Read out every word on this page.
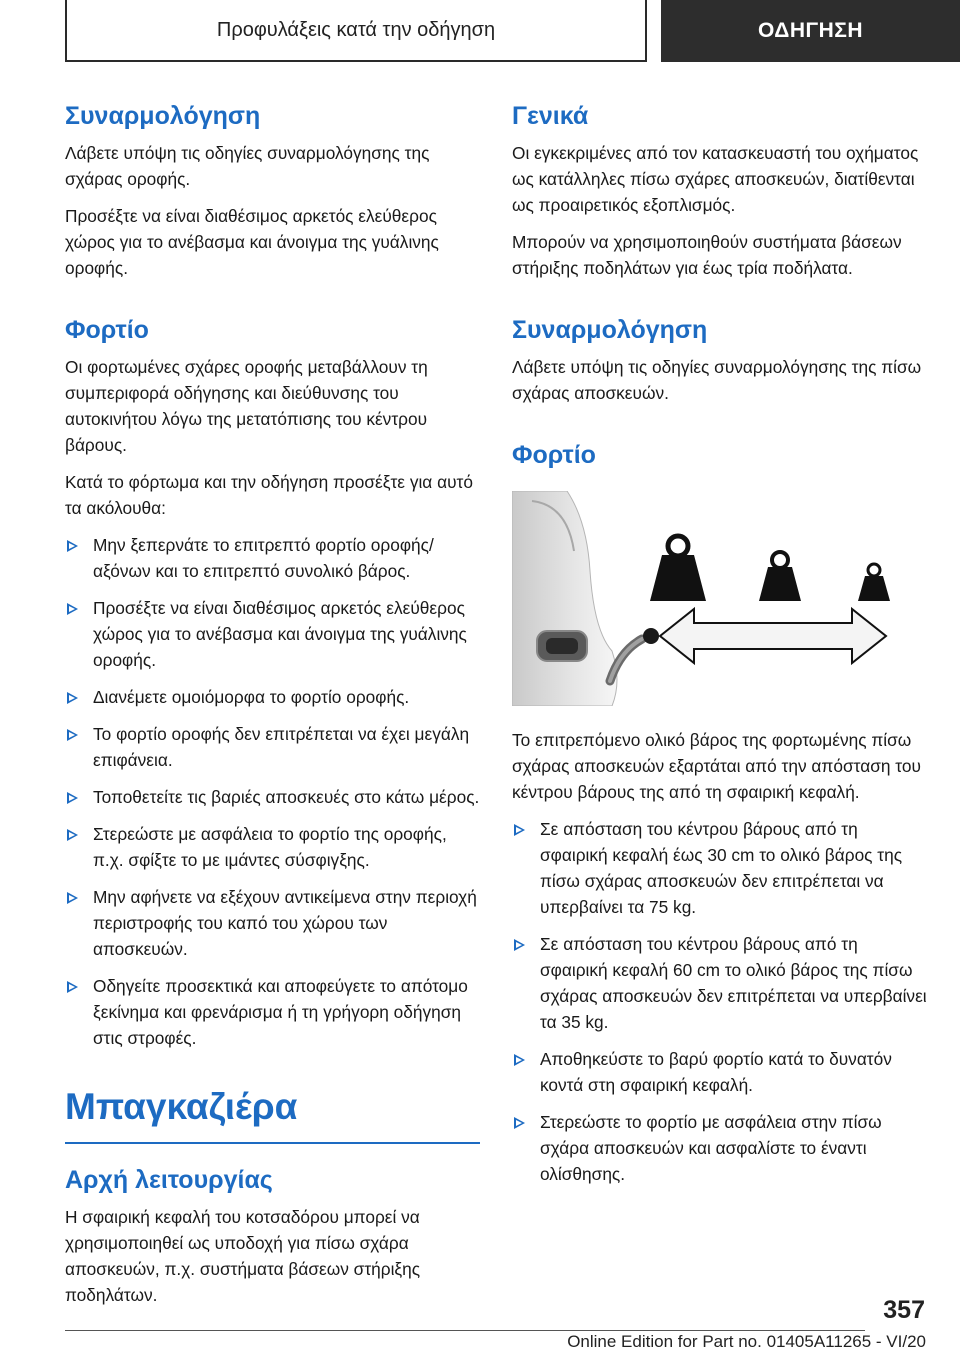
Προφυλάξεις κατά την οδήγηση	ΟΔΗΓΗΣΗ
Συναρμολόγηση

Λάβετε υπόψη τις οδηγίες συναρμολόγησης της σχάρας οροφής.

Προσέξτε να είναι διαθέσιμος αρκετός ελεύθερος χώρος για το ανέβασμα και άνοιγμα της γυάλινης οροφής.

Φορτίο

Οι φορτωμένες σχάρες οροφής μεταβάλλουν τη συμπεριφορά οδήγησης και διεύθυνσης του αυτοκινήτου λόγω της μετατόπισης του κέντρου βάρους.

Κατά το φόρτωμα και την οδήγηση προσέξτε για αυτό τα ακόλουθα:

Μην ξεπερνάτε το επιτρεπτό φορτίο οροφής/αξόνων και το επιτρεπτό συνολικό βάρος.
Προσέξτε να είναι διαθέσιμος αρκετός ελεύθερος χώρος για το ανέβασμα και άνοιγμα της γυάλινης οροφής.
Διανέμετε ομοιόμορφα το φορτίο οροφής.
Το φορτίο οροφής δεν επιτρέπεται να έχει μεγάλη επιφάνεια.
Τοποθετείτε τις βαριές αποσκευές στο κάτω μέρος.
Στερεώστε με ασφάλεια το φορτίο της οροφής, π.χ. σφίξτε το με ιμάντες σύσφιγξης.
Μην αφήνετε να εξέχουν αντικείμενα στην περιοχή περιστροφής του καπό του χώρου των αποσκευών.
Οδηγείτε προσεκτικά και αποφεύγετε το απότομο ξεκίνημα και φρενάρισμα ή τη γρήγορη οδήγηση στις στροφές.
Μπαγκαζιέρα
Αρχή λειτουργίας

Η σφαιρική κεφαλή του κοτσαδόρου μπορεί να χρησιμοποιηθεί ως υποδοχή για πίσω σχάρα αποσκευών, π.χ. συστήματα βάσεων στήριξης ποδηλάτων.

Γενικά

Οι εγκεκριμένες από τον κατασκευαστή του οχήματος ως κατάλληλες πίσω σχάρες αποσκευών, διατίθενται ως προαιρετικός εξοπλισμός.

Μπορούν να χρησιμοποιηθούν συστήματα βάσεων στήριξης ποδηλάτων για έως τρία ποδήλατα.

Συναρμολόγηση

Λάβετε υπόψη τις οδηγίες συναρμολόγησης της πίσω σχάρας αποσκευών.

Φορτίο

Το επιτρεπόμενο ολικό βάρος της φορτωμένης πίσω σχάρας αποσκευών εξαρτάται από την απόσταση του κέντρου βάρους της από τη σφαιρική κεφαλή.

Σε απόσταση του κέντρου βάρους από τη σφαιρική κεφαλή έως 30 cm το ολικό βάρος της πίσω σχάρας αποσκευών δεν επιτρέπεται να υπερβαίνει τα 75 kg.
Σε απόσταση του κέντρου βάρους από τη σφαιρική κεφαλή 60 cm το ολικό βάρος της πίσω σχάρας αποσκευών δεν επιτρέπεται να υπερβαίνει τα 35 kg.
Αποθηκεύστε το βαρύ φορτίο κατά το δυνατόν κοντά στη σφαιρική κεφαλή.
Στερεώστε το φορτίο με ασφάλεια στην πίσω σχάρα αποσκευών και ασφαλίστε το έναντι ολίσθησης.
357
Online Edition for Part no. 01405A11265 - VI/20
